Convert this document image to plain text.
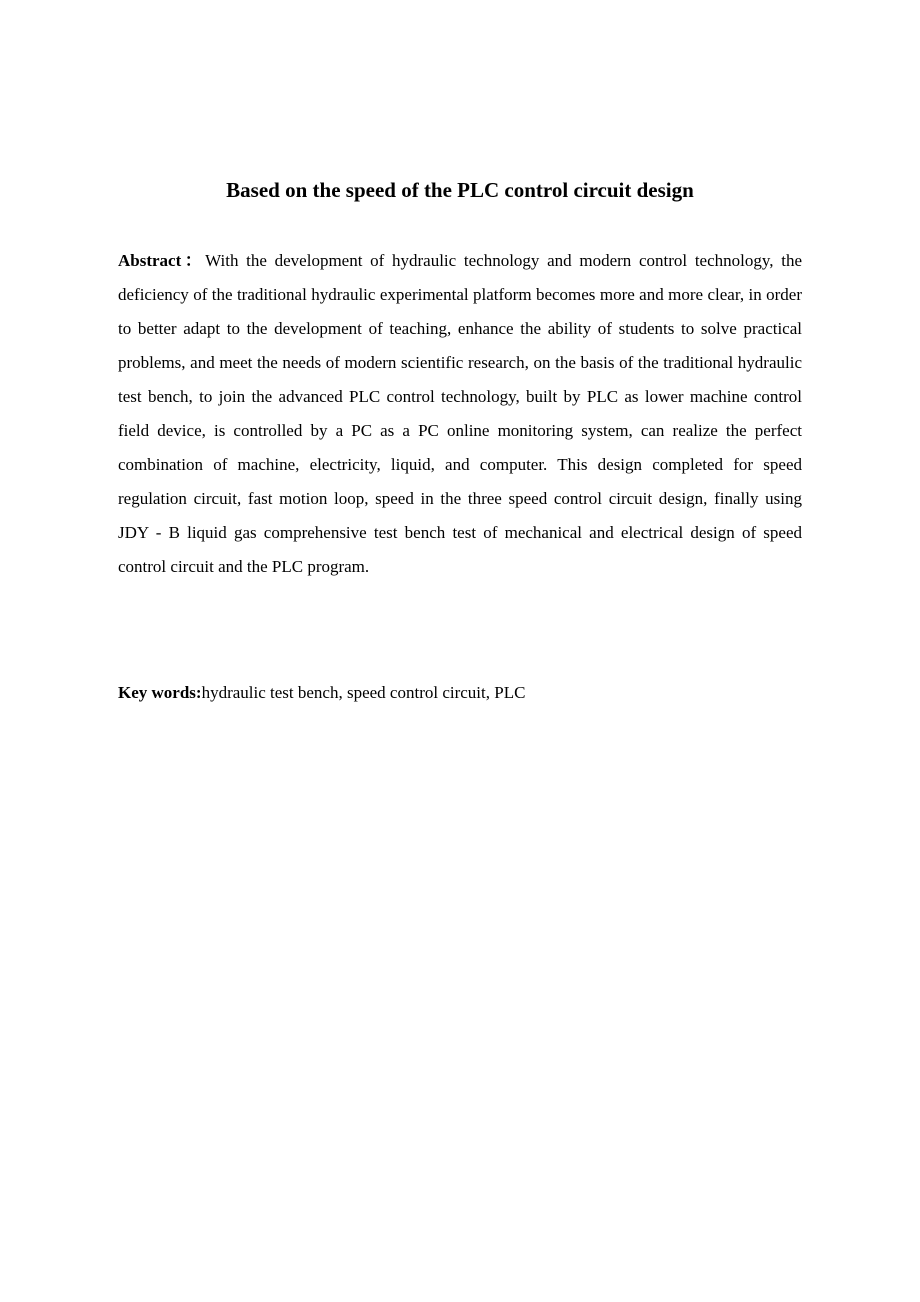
Based on the speed of the PLC control circuit design

Abstract：With the development of hydraulic technology and modern control technology, the deficiency of the traditional hydraulic experimental platform becomes more and more clear, in order to better adapt to the development of teaching, enhance the ability of students to solve practical problems, and meet the needs of modern scientific research, on the basis of the traditional hydraulic test bench, to join the advanced PLC control technology, built by PLC as lower machine control field device, is controlled by a PC as a PC online monitoring system, can realize the perfect combination of machine, electricity, liquid, and computer. This design completed for speed regulation circuit, fast motion loop, speed in the three speed control circuit design, finally using JDY - B liquid gas comprehensive test bench test of mechanical and electrical design of speed control circuit and the PLC program.

Key words:hydraulic test bench, speed control circuit, PLC
